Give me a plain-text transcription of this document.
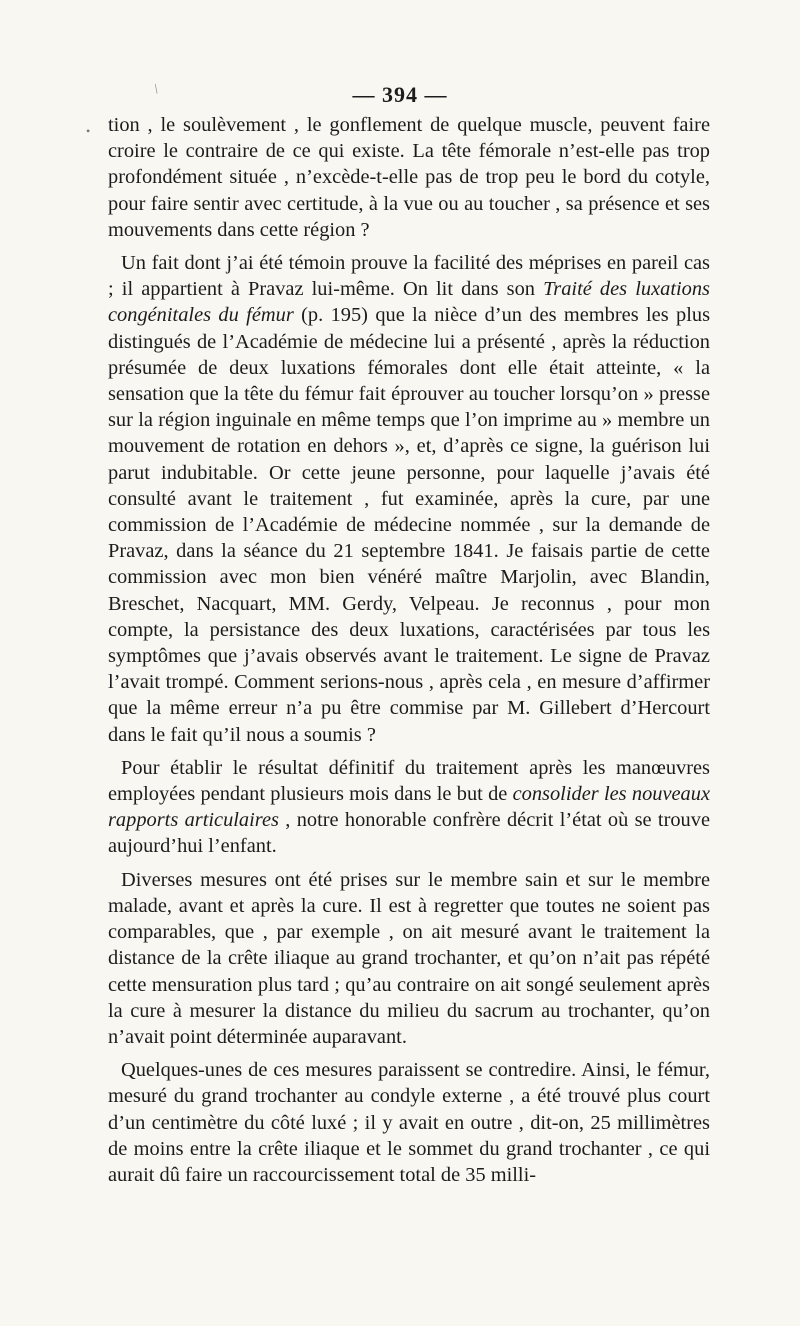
/
•
— 394 —

tion , le soulèvement , le gonflement de quelque muscle, peuvent faire croire le contraire de ce qui existe. La tête fémorale n’est-elle pas trop profondément située , n’excède-t-elle pas de trop peu le bord du cotyle, pour faire sentir avec certitude, à la vue ou au toucher , sa présence et ses mouvements dans cette région ?

Un fait dont j’ai été témoin prouve la facilité des méprises en pareil cas ; il appartient à Pravaz lui-même. On lit dans son Traité des luxations congénitales du fémur (p. 195) que la nièce d’un des membres les plus distingués de l’Académie de médecine lui a présenté , après la réduction présumée de deux luxations fémorales dont elle était atteinte, « la sensation que la tête du fémur fait éprouver au toucher lorsqu’on » presse sur la région inguinale en même temps que l’on imprime au » membre un mouvement de rotation en dehors », et, d’après ce signe, la guérison lui parut indubitable. Or cette jeune personne, pour laquelle j’avais été consulté avant le traitement , fut examinée, après la cure, par une commission de l’Académie de médecine nommée , sur la demande de Pravaz, dans la séance du 21 septembre 1841. Je faisais partie de cette commission avec mon bien vénéré maître Marjolin, avec Blandin, Breschet, Nacquart, MM. Gerdy, Velpeau. Je reconnus , pour mon compte, la persistance des deux luxations, caractérisées par tous les symptômes que j’avais observés avant le traitement. Le signe de Pravaz l’avait trompé. Comment serions-nous , après cela , en mesure d’affirmer que la même erreur n’a pu être commise par M. Gillebert d’Hercourt dans le fait qu’il nous a soumis ?

Pour établir le résultat définitif du traitement après les manœuvres employées pendant plusieurs mois dans le but de consolider les nouveaux rapports articulaires , notre honorable confrère décrit l’état où se trouve aujourd’hui l’enfant.

Diverses mesures ont été prises sur le membre sain et sur le membre malade, avant et après la cure. Il est à regretter que toutes ne soient pas comparables, que , par exemple , on ait mesuré avant le traitement la distance de la crête iliaque au grand trochanter, et qu’on n’ait pas répété cette mensuration plus tard ; qu’au contraire on ait songé seulement après la cure à mesurer la distance du milieu du sacrum au trochanter, qu’on n’avait point déterminée auparavant.

Quelques-unes de ces mesures paraissent se contredire. Ainsi, le fémur, mesuré du grand trochanter au condyle externe , a été trouvé plus court d’un centimètre du côté luxé ; il y avait en outre , dit-on, 25 millimètres de moins entre la crête iliaque et le sommet du grand trochanter , ce qui aurait dû faire un raccourcissement total de 35 milli-
